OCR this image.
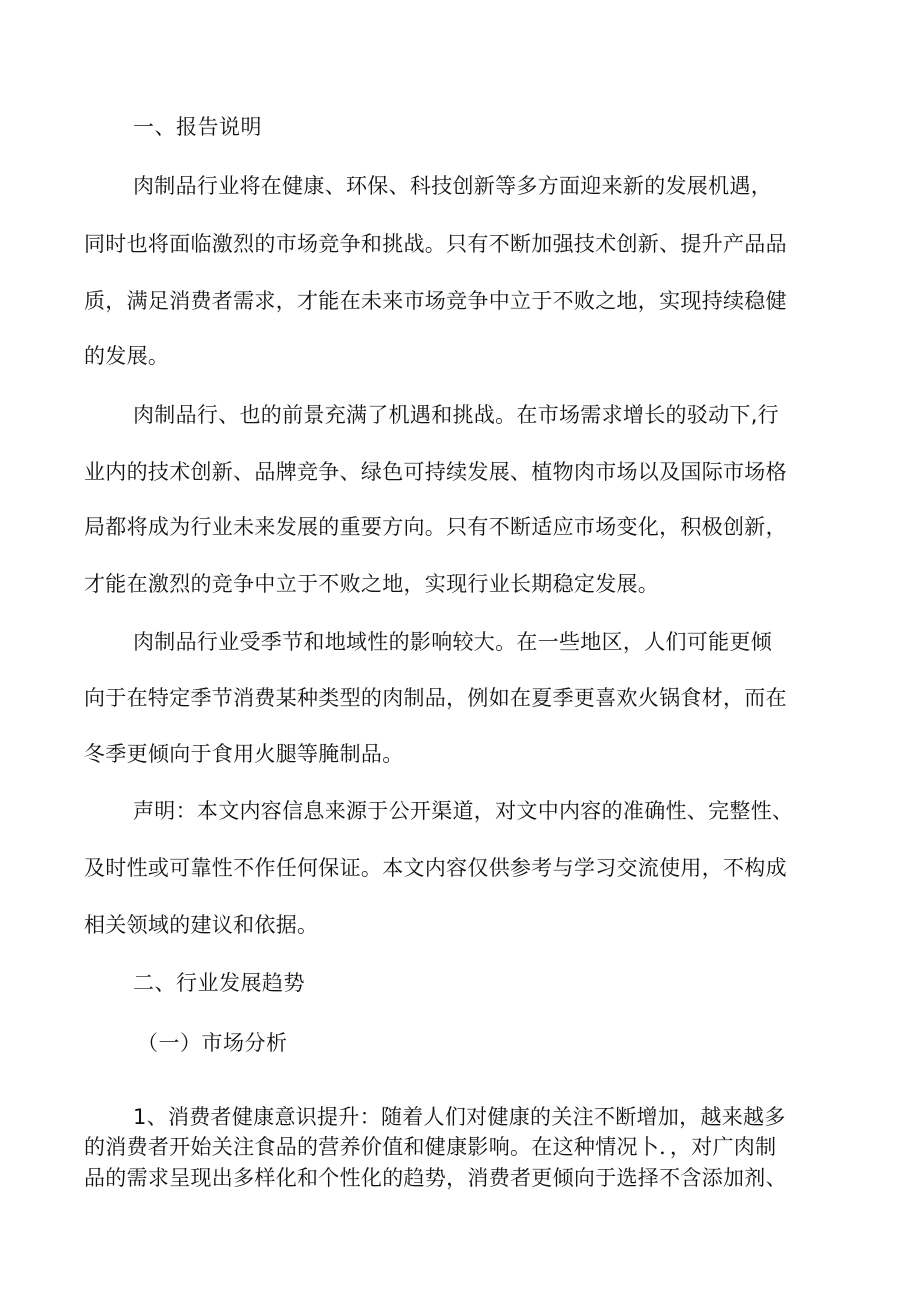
一、报告说明
肉制品行业将在健康、环保、科技创新等多方面迎来新的发展机遇，
同时也将面临激烈的市场竞争和挑战。只有不断加强技术创新、提升产品品
质，满足消费者需求，才能在未来市场竞争中立于不败之地，实现持续稳健
的发展。
肉制品行、也的前景充满了机遇和挑战。在市场需求增长的驳动下,行
业内的技术创新、品牌竞争、绿色可持续发展、植物肉市场以及国际市场格
局都将成为行业未来发展的重要方向。只有不断适应市场变化，积极创新，
才能在激烈的竞争中立于不败之地，实现行业长期稳定发展。
肉制品行业受季节和地域性的影响较大。在一些地区，人们可能更倾
向于在特定季节消费某种类型的肉制品，例如在夏季更喜欢火锅食材，而在
冬季更倾向于食用火腿等腌制品。
声明：本文内容信息来源于公开渠道，对文中内容的准确性、完整性、
及时性或可靠性不作任何保证。本文内容仅供参考与学习交流使用，不构成
相关领域的建议和依据。
二、行业发展趋势
（一）市场分析
1、消费者健康意识提升：随着人们对健康的关注不断增加，越来越多
的消费者开始关注食品的营养价值和健康影响。在这种情况卜．，对广肉制
品的需求呈现出多样化和个性化的趋势，消费者更倾向于选择不含添加剂、
